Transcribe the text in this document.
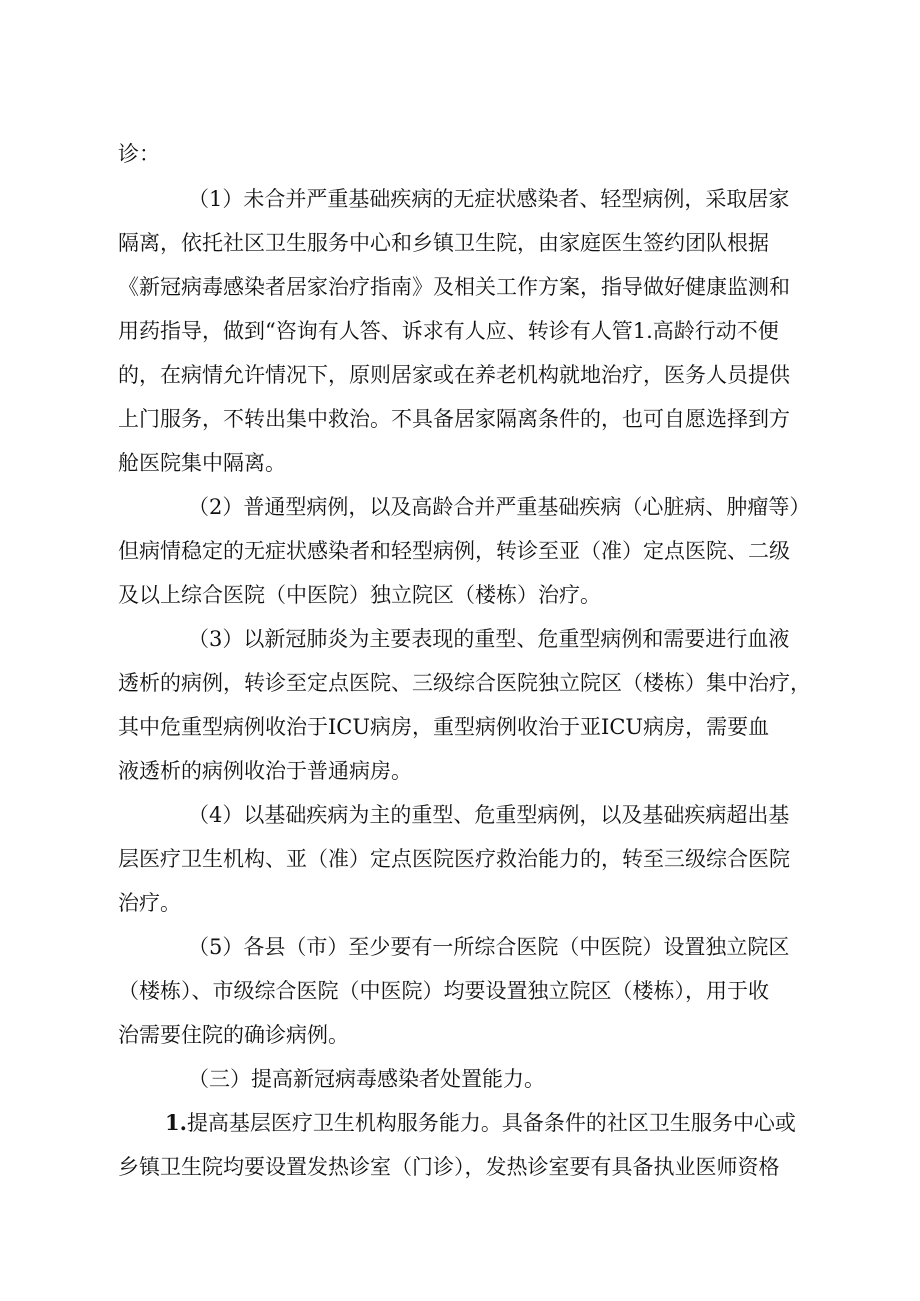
诊：
（1）未合并严重基础疾病的无症状感染者、轻型病例，采取居家
隔离，依托社区卫生服务中心和乡镇卫生院，由家庭医生签约团队根据
《新冠病毒感染者居家治疗指南》及相关工作方案，指导做好健康监测和
用药指导，做到“咨询有人答、诉求有人应、转诊有人管1.高龄行动不便
的，在病情允许情况下，原则居家或在养老机构就地治疗，医务人员提供
上门服务，不转出集中救治。不具备居家隔离条件的，也可自愿选择到方
舱医院集中隔离。
（2）普通型病例，以及高龄合并严重基础疾病（心脏病、肿瘤等）
但病情稳定的无症状感染者和轻型病例，转诊至亚（准）定点医院、二级
及以上综合医院（中医院）独立院区（楼栋）治疗。
（3）以新冠肺炎为主要表现的重型、危重型病例和需要进行血液
透析的病例，转诊至定点医院、三级综合医院独立院区（楼栋）集中治疗，
其中危重型病例收治于ICU病房，重型病例收治于亚ICU病房，需要血
液透析的病例收治于普通病房。
（4）以基础疾病为主的重型、危重型病例，以及基础疾病超出基
层医疗卫生机构、亚（准）定点医院医疗救治能力的，转至三级综合医院
治疗。
（5）各县（市）至少要有一所综合医院（中医院）设置独立院区
（楼栋）、市级综合医院（中医院）均要设置独立院区（楼栋），用于收
治需要住院的确诊病例。
（三）提高新冠病毒感染者处置能力。
1.提高基层医疗卫生机构服务能力。具备条件的社区卫生服务中心或
乡镇卫生院均要设置发热诊室（门诊），发热诊室要有具备执业医师资格
